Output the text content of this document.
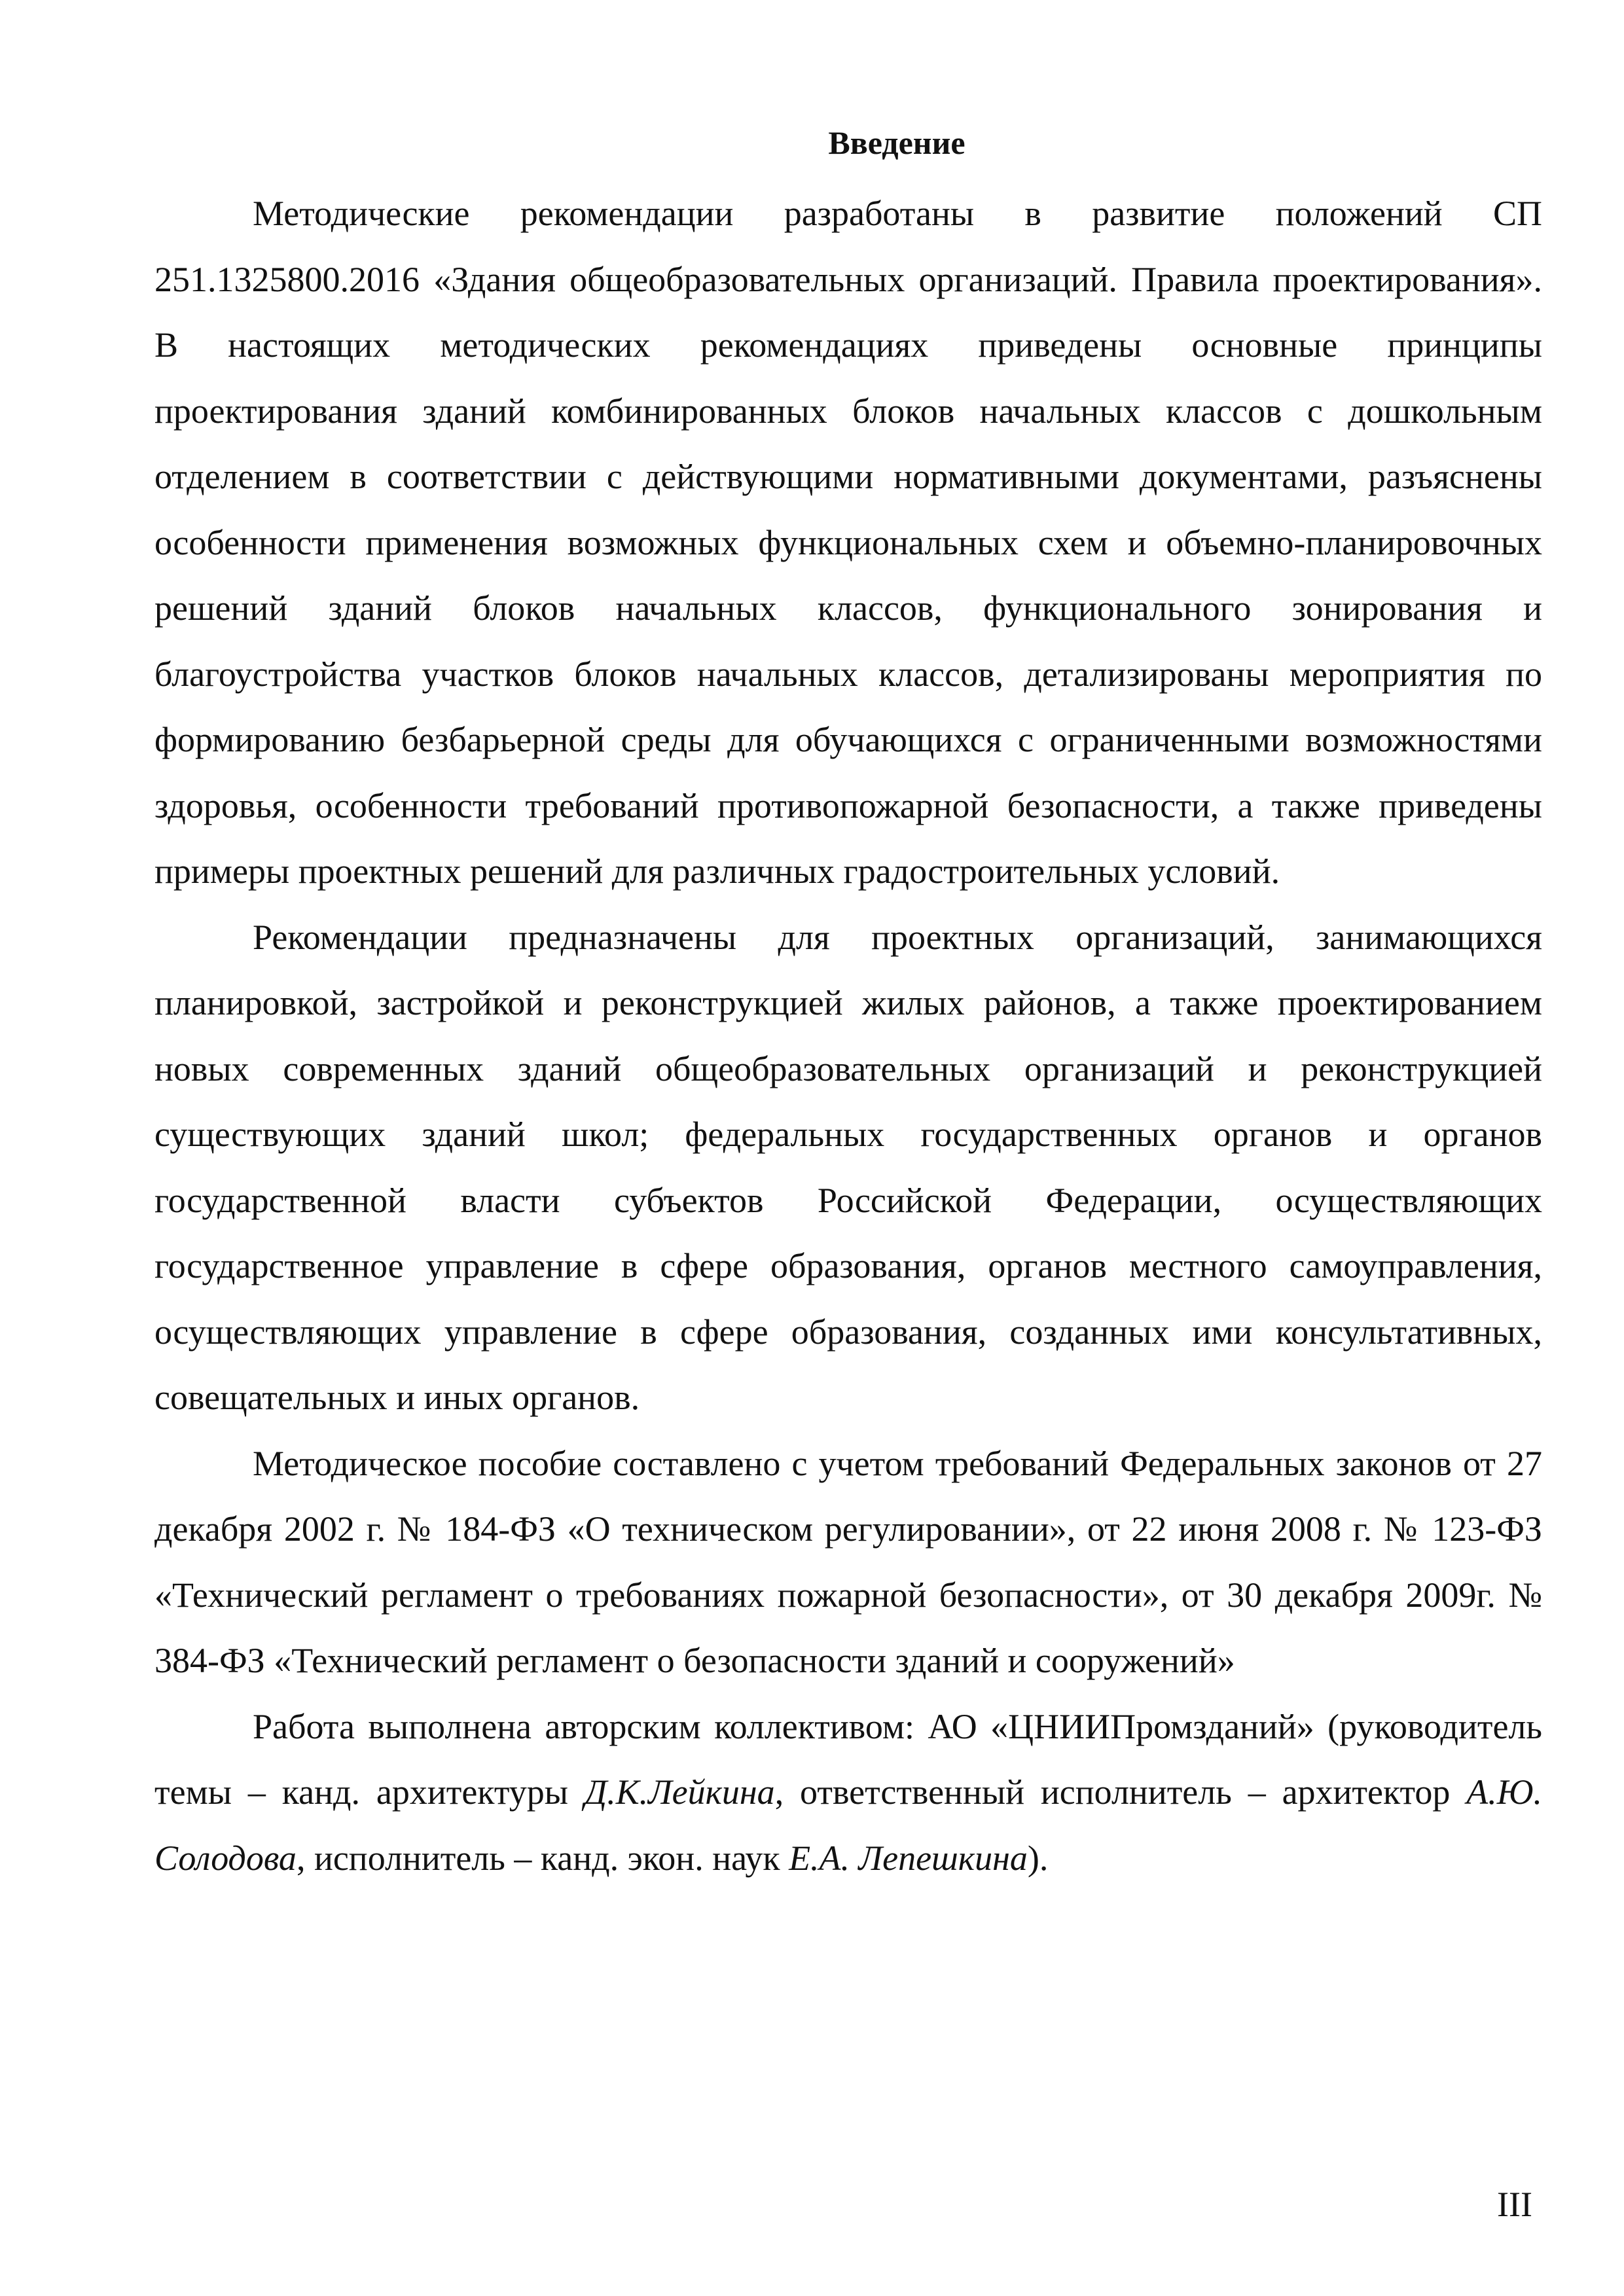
Введение

Методические рекомендации разработаны в развитие положений СП 251.1325800.2016 «Здания общеобразовательных организаций. Правила проектирования». В настоящих методических рекомендациях приведены основные принципы проектирования зданий комбинированных блоков начальных классов с дошкольным отделением в соответствии с действующими нормативными документами, разъяснены особенности применения возможных функциональных схем и объемно-планировочных решений зданий блоков начальных классов, функционального зонирования и благоустройства участков блоков начальных классов, детализированы мероприятия по формированию безбарьерной среды для обучающихся с ограниченными возможностями здоровья, особенности требований противопожарной безопасности, а также приведены примеры проектных решений для различных градостроительных условий.

Рекомендации предназначены для проектных организаций, занимающихся планировкой, застройкой и реконструкцией жилых районов, а также проектированием новых современных зданий общеобразовательных организаций и реконструкцией существующих зданий школ; федеральных государственных органов и органов государственной власти субъектов Российской Федерации, осуществляющих государственное управление в сфере образования, органов местного самоуправления, осуществляющих управление в сфере образования, созданных ими консультативных, совещательных и иных органов.

Методическое пособие составлено с учетом требований Федеральных законов от 27 декабря 2002 г. № 184-ФЗ «О техническом регулировании», от 22 июня 2008 г. № 123-ФЗ «Технический регламент о требованиях пожарной безопасности», от 30 декабря 2009г. № 384-ФЗ «Технический регламент о безопасности зданий и сооружений»

Работа выполнена авторским коллективом: АО «ЦНИИПромзданий» (руководитель темы – канд. архитектуры Д.К.Лейкина, ответственный исполнитель – архитектор А.Ю. Солодова, исполнитель – канд. экон. наук Е.А. Лепешкина).

III
